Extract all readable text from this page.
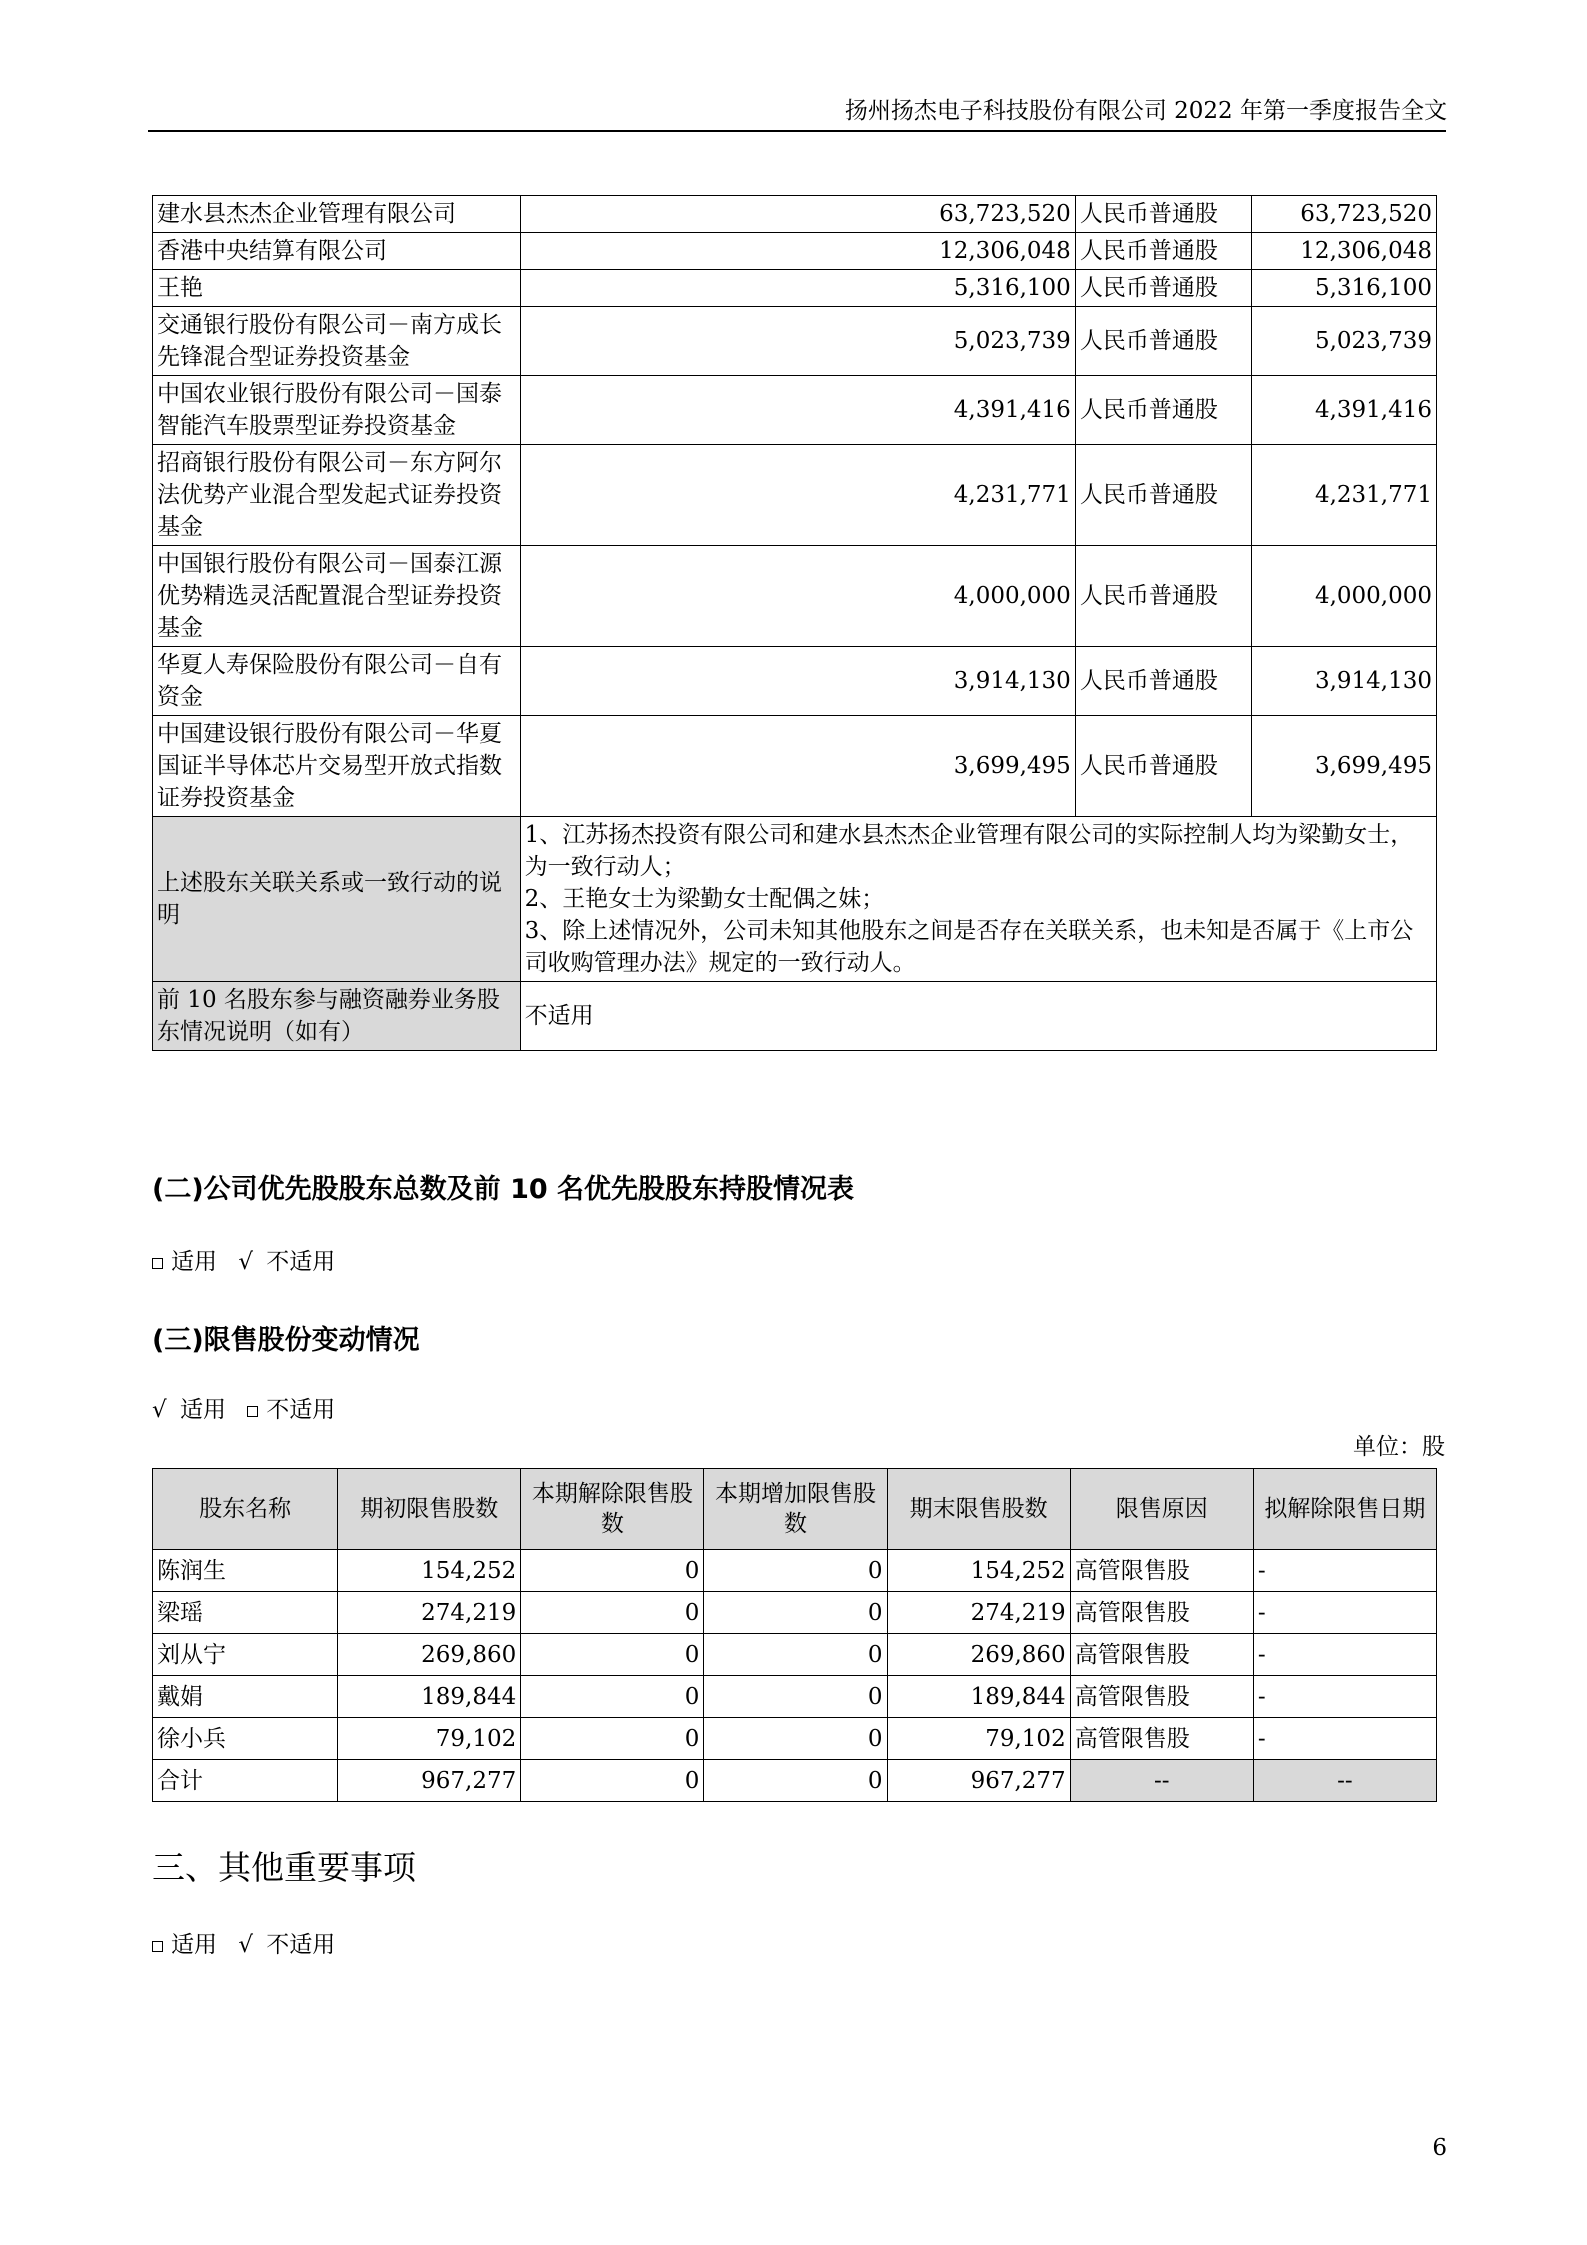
扬州扬杰电子科技股份有限公司 2022 年第一季度报告全文
建水县杰杰企业管理有限公司	63,723,520	人民币普通股	63,723,520
香港中央结算有限公司	12,306,048	人民币普通股	12,306,048
王艳	5,316,100	人民币普通股	5,316,100
交通银行股份有限公司－南方成长先锋混合型证券投资基金	5,023,739	人民币普通股	5,023,739
中国农业银行股份有限公司－国泰智能汽车股票型证券投资基金	4,391,416	人民币普通股	4,391,416
招商银行股份有限公司－东方阿尔法优势产业混合型发起式证券投资基金	4,231,771	人民币普通股	4,231,771
中国银行股份有限公司－国泰江源优势精选灵活配置混合型证券投资基金	4,000,000	人民币普通股	4,000,000
华夏人寿保险股份有限公司－自有资金	3,914,130	人民币普通股	3,914,130
中国建设银行股份有限公司－华夏国证半导体芯片交易型开放式指数证券投资基金	3,699,495	人民币普通股	3,699,495
上述股东关联关系或一致行动的说明	1、江苏扬杰投资有限公司和建水县杰杰企业管理有限公司的实际控制人均为梁勤女士，为一致行动人；
2、王艳女士为梁勤女士配偶之妹；
3、除上述情况外，公司未知其他股东之间是否存在关联关系，也未知是否属于《上市公司收购管理办法》规定的一致行动人。		

前 10 名股东参与融资融券业务股东情况说明（如有）	不适用		
(二)公司优先股股东总数及前 10 名优先股股东持股情况表
适用 √ 不适用
(三)限售股份变动情况
√ 适用 不适用
单位：股
股东名称	期初限售股数	本期解除限售股数	本期增加限售股数	期末限售股数	限售原因	拟解除限售日期
陈润生	154,252	0	0	154,252	高管限售股	-
梁瑶	274,219	0	0	274,219	高管限售股	-
刘从宁	269,860	0	0	269,860	高管限售股	-
戴娟	189,844	0	0	189,844	高管限售股	-
徐小兵	79,102	0	0	79,102	高管限售股	-
合计	967,277	0	0	967,277	--	--
三、其他重要事项
适用 √ 不适用
6
